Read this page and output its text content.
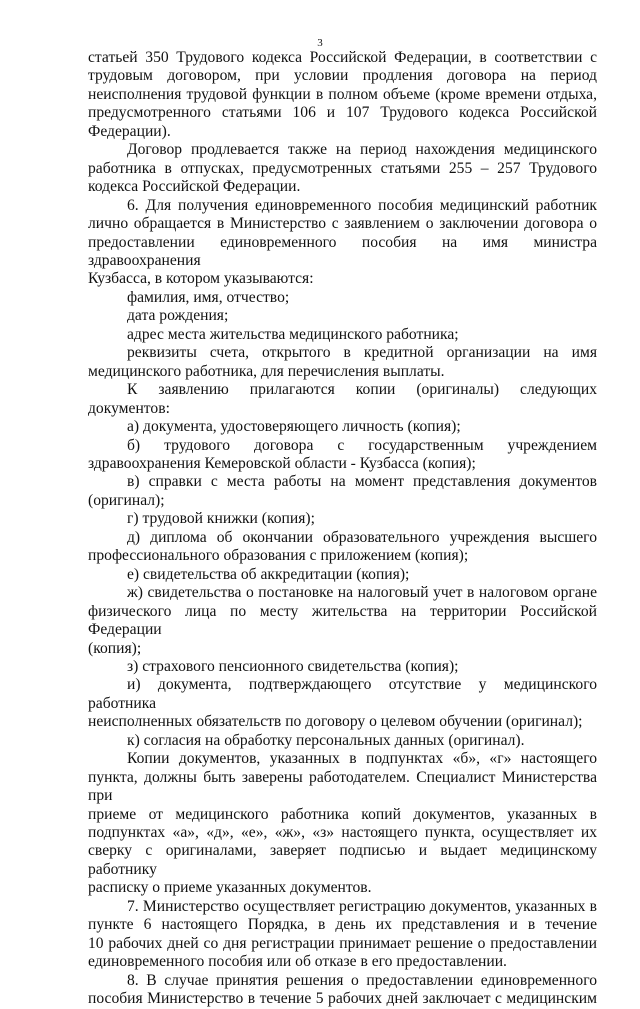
3
статьей 350 Трудового кодекса Российской Федерации, в соответствии с
трудовым договором, при условии продления договора на период
неисполнения трудовой функции в полном объеме (кроме времени отдыха,
предусмотренного статьями 106 и 107 Трудового кодекса Российской
Федерации).
Договор продлевается также на период нахождения медицинского
работника в отпусках, предусмотренных статьями 255 – 257 Трудового
кодекса Российской Федерации.
6. Для получения единовременного пособия медицинский работник
лично обращается в Министерство с заявлением о заключении договора о
предоставлении единовременного пособия на имя министра здравоохранения
Кузбасса, в котором указываются:
фамилия, имя, отчество;
дата рождения;
адрес места жительства медицинского работника;
реквизиты счета, открытого в кредитной организации на имя
медицинского работника, для перечисления выплаты.
К заявлению прилагаются копии (оригиналы) следующих документов:
а) документа, удостоверяющего личность (копия);
б) трудового договора с государственным учреждением
здравоохранения Кемеровской области - Кузбасса (копия);
в) справки с места работы на момент представления документов
(оригинал);
г) трудовой книжки (копия);
д) диплома об окончании образовательного учреждения высшего
профессионального образования с приложением (копия);
е) свидетельства об аккредитации (копия);
ж) свидетельства о постановке на налоговый учет в налоговом органе
физического лица по месту жительства на территории Российской Федерации
(копия);
з) страхового пенсионного свидетельства (копия);
и) документа, подтверждающего отсутствие у медицинского работника
неисполненных обязательств по договору о целевом обучении (оригинал);
к) согласия на обработку персональных данных (оригинал).
Копии документов, указанных в подпунктах «б», «г» настоящего
пункта, должны быть заверены работодателем. Специалист Министерства при
приеме от медицинского работника копий документов, указанных в
подпунктах «а», «д», «е», «ж», «з» настоящего пункта, осуществляет их
сверку с оригиналами, заверяет подписью и выдает медицинскому работнику
расписку о приеме указанных документов.
7. Министерство осуществляет регистрацию документов, указанных в
пункте 6 настоящего Порядка, в день их представления и в течение
10 рабочих дней со дня регистрации принимает решение о предоставлении
единовременного пособия или об отказе в его предоставлении.
8. В случае принятия решения о предоставлении единовременного
пособия Министерство в течение 5 рабочих дней заключает с медицинским
